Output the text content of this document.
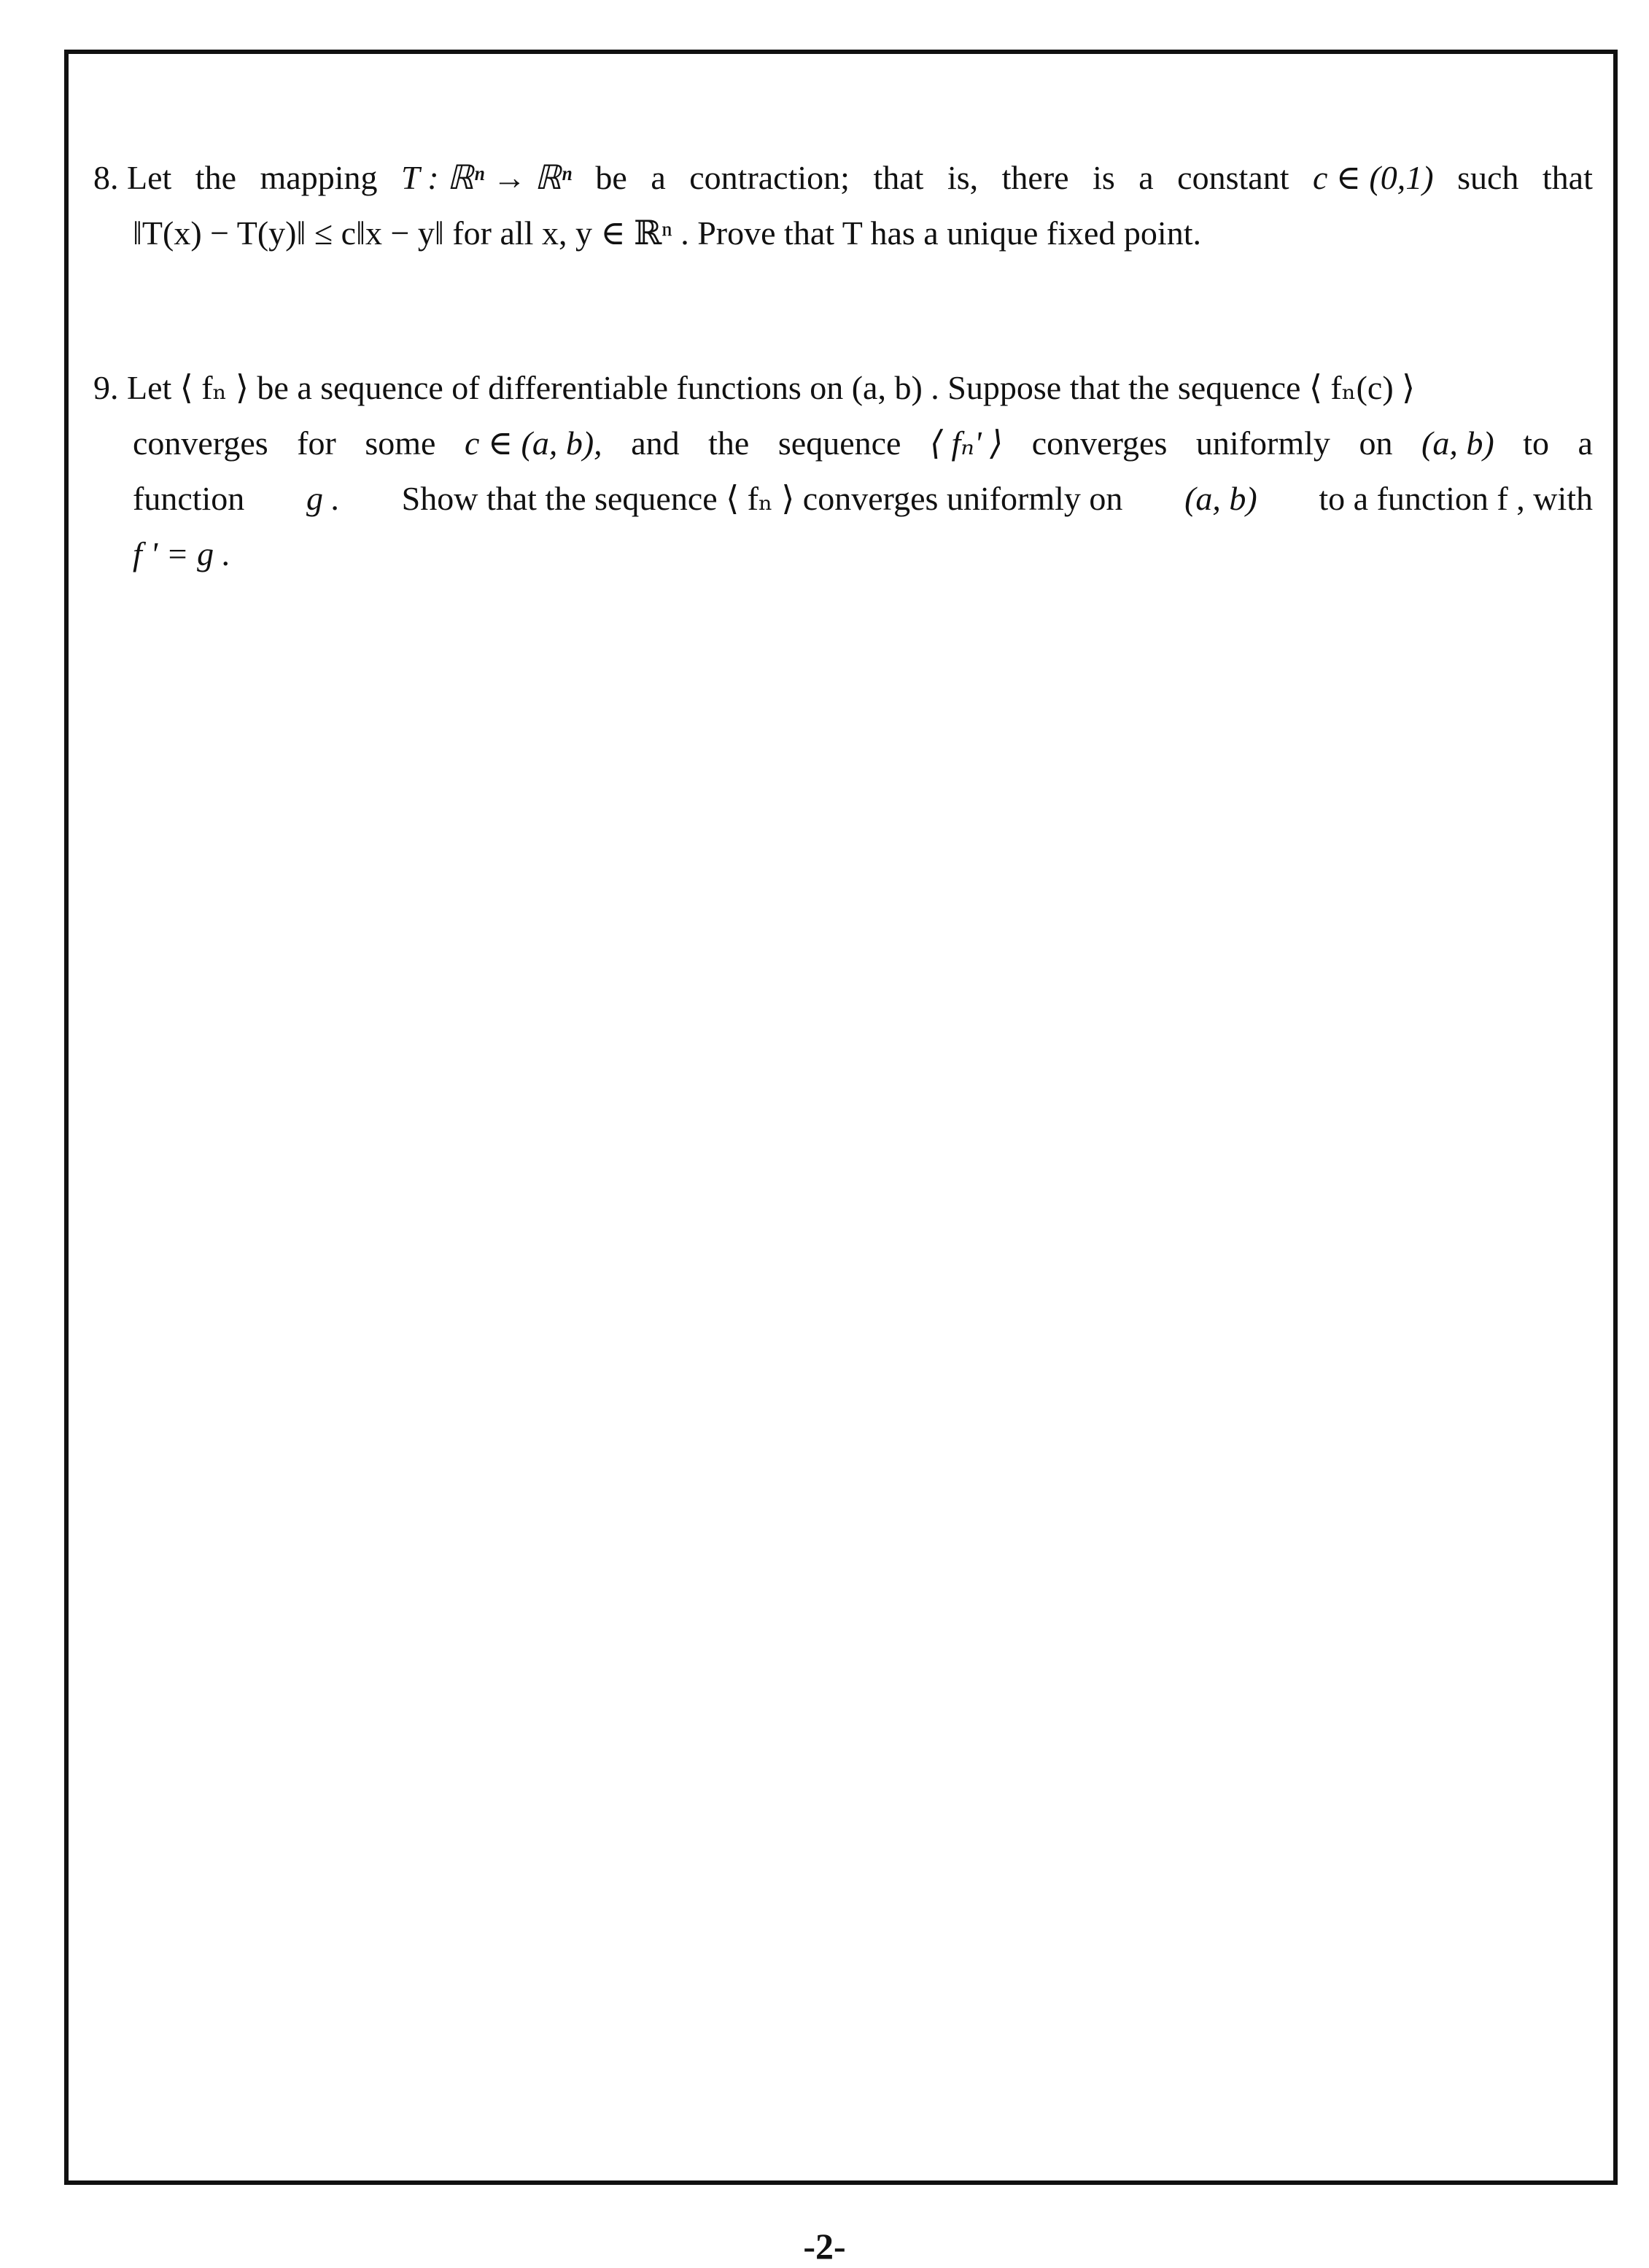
8. Let the mapping T : ℝⁿ → ℝⁿ be a contraction; that is, there is a constant c ∈ (0,1) such that
‖T(x) − T(y)‖ ≤ c‖x − y‖ for all x, y ∈ ℝⁿ . Prove that T has a unique fixed point.
9. Let ⟨ fₙ ⟩ be a sequence of differentiable functions on (a, b) . Suppose that the sequence ⟨ fₙ(c) ⟩
converges for some c ∈ (a, b), and the sequence ⟨ fₙ' ⟩ converges uniformly on (a, b) to a
function g . Show that the sequence ⟨ fₙ ⟩ converges uniformly on (a, b) to a function f , with
f ' = g .
-2-
